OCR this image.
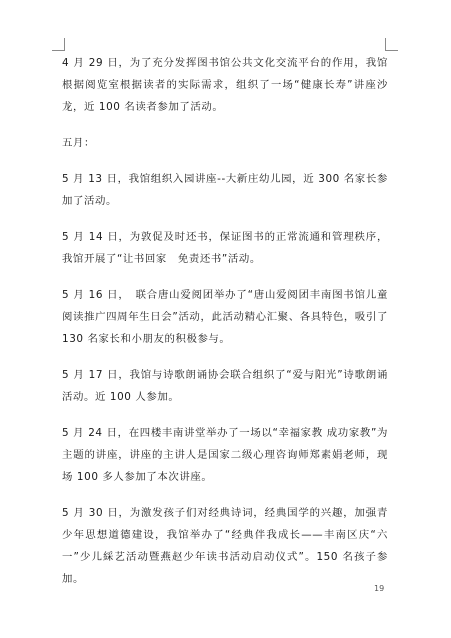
4 月 29 日，为了充分发挥图书馆公共文化交流平台的作用，我馆根据阅览室根据读者的实际需求，组织了一场“健康长寿”讲座沙龙，近 100 名读者参加了活动。

五月：

5 月 13 日，我馆组织入园讲座--大新庄幼儿园，近 300 名家长参加了活动。

5 月 14 日，为敦促及时还书，保证图书的正常流通和管理秩序，我馆开展了“让书回家　免责还书”活动。

5 月 16 日，　联合唐山爱阅团举办了“唐山爱阅团丰南图书馆儿童阅读推广四周年生日会”活动，此活动精心汇聚、各具特色，吸引了 130 名家长和小朋友的积极参与。

5 月 17 日，我馆与诗歌朗诵协会联合组织了“爱与阳光”诗歌朗诵活动。近 100 人参加。

5 月 24 日，在四楼丰南讲堂举办了一场以“幸福家教 成功家教”为主题的讲座，讲座的主讲人是国家二级心理咨询师郑素娟老师，现场 100 多人参加了本次讲座。

5 月 30 日，为激发孩子们对经典诗词，经典国学的兴趣，加强青少年思想道德建设，我馆举办了“经典伴我成长——丰南区庆“六一”少儿綵艺活动暨燕赵少年读书活动启动仪式”。150 名孩子参加。

19
